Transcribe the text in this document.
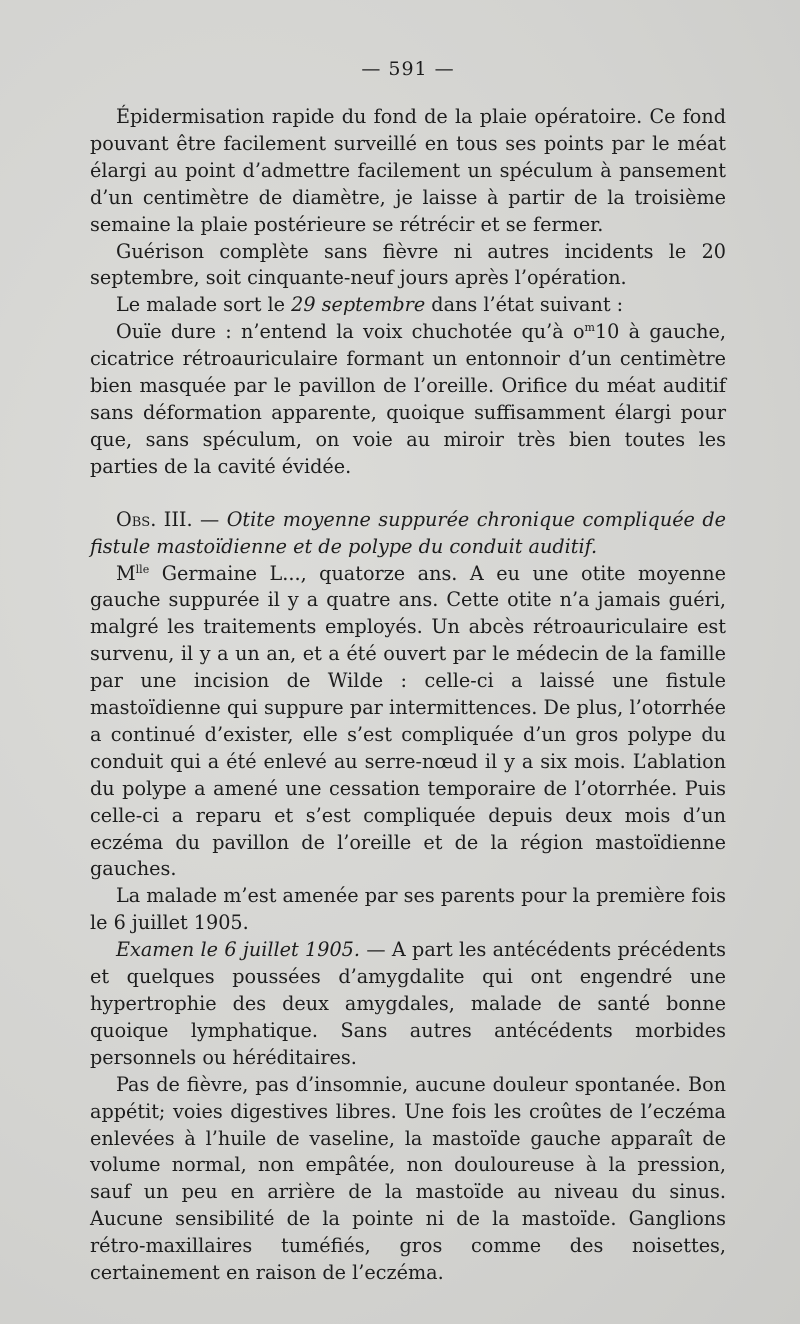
— 591 —

Épidermisation rapide du fond de la plaie opératoire. Ce fond pouvant être facilement surveillé en tous ses points par le méat élargi au point d’admettre facilement un spéculum à pansement d’un centimètre de diamètre, je laisse à partir de la troisième semaine la plaie postérieure se rétrécir et se fermer.

Guérison complète sans fièvre ni autres incidents le 20 septembre, soit cinquante-neuf jours après l’opération.

Le malade sort le 29 septembre dans l’état suivant :

Ouïe dure : n’entend la voix chuchotée qu’à $o^m10$ à gauche, cicatrice rétroauriculaire formant un entonnoir d’un centimètre bien masquée par le pavillon de l’oreille. Orifice du méat auditif sans déformation apparente, quoique suffisamment élargi pour que, sans spéculum, on voie au miroir très bien toutes les parties de la cavité évidée.

Obs. III. — Otite moyenne suppurée chronique compliquée de fistule mastoïdienne et de polype du conduit auditif.

$M^{lle}$ Germaine L..., quatorze ans. A eu une otite moyenne gauche suppurée il y a quatre ans. Cette otite n’a jamais guéri, malgré les traitements employés. Un abcès rétroauriculaire est survenu, il y a un an, et a été ouvert par le médecin de la famille par une incision de Wilde : celle-ci a laissé une fistule mastoïdienne qui suppure par intermittences. De plus, l’otorrhée a continué d’exister, elle s’est compliquée d’un gros polype du conduit qui a été enlevé au serre-nœud il y a six mois. L’ablation du polype a amené une cessation temporaire de l’otorrhée. Puis celle-ci a reparu et s’est compliquée depuis deux mois d’un eczéma du pavillon de l’oreille et de la région mastoïdienne gauches.

La malade m’est amenée par ses parents pour la première fois le 6 juillet 1905.

Examen le 6 juillet 1905. — A part les antécédents précédents et quelques poussées d’amygdalite qui ont engendré une hypertrophie des deux amygdales, malade de santé bonne quoique lymphatique. Sans autres antécédents morbides personnels ou héréditaires.

Pas de fièvre, pas d’insomnie, aucune douleur spontanée. Bon appétit; voies digestives libres. Une fois les croûtes de l’eczéma enlevées à l’huile de vaseline, la mastoïde gauche apparaît de volume normal, non empâtée, non douloureuse à la pression, sauf un peu en arrière de la mastoïde au niveau du sinus. Aucune sensibilité de la pointe ni de la mastoïde. Ganglions rétro-maxillaires tuméfiés, gros comme des noisettes, certainement en raison de l’eczéma.
